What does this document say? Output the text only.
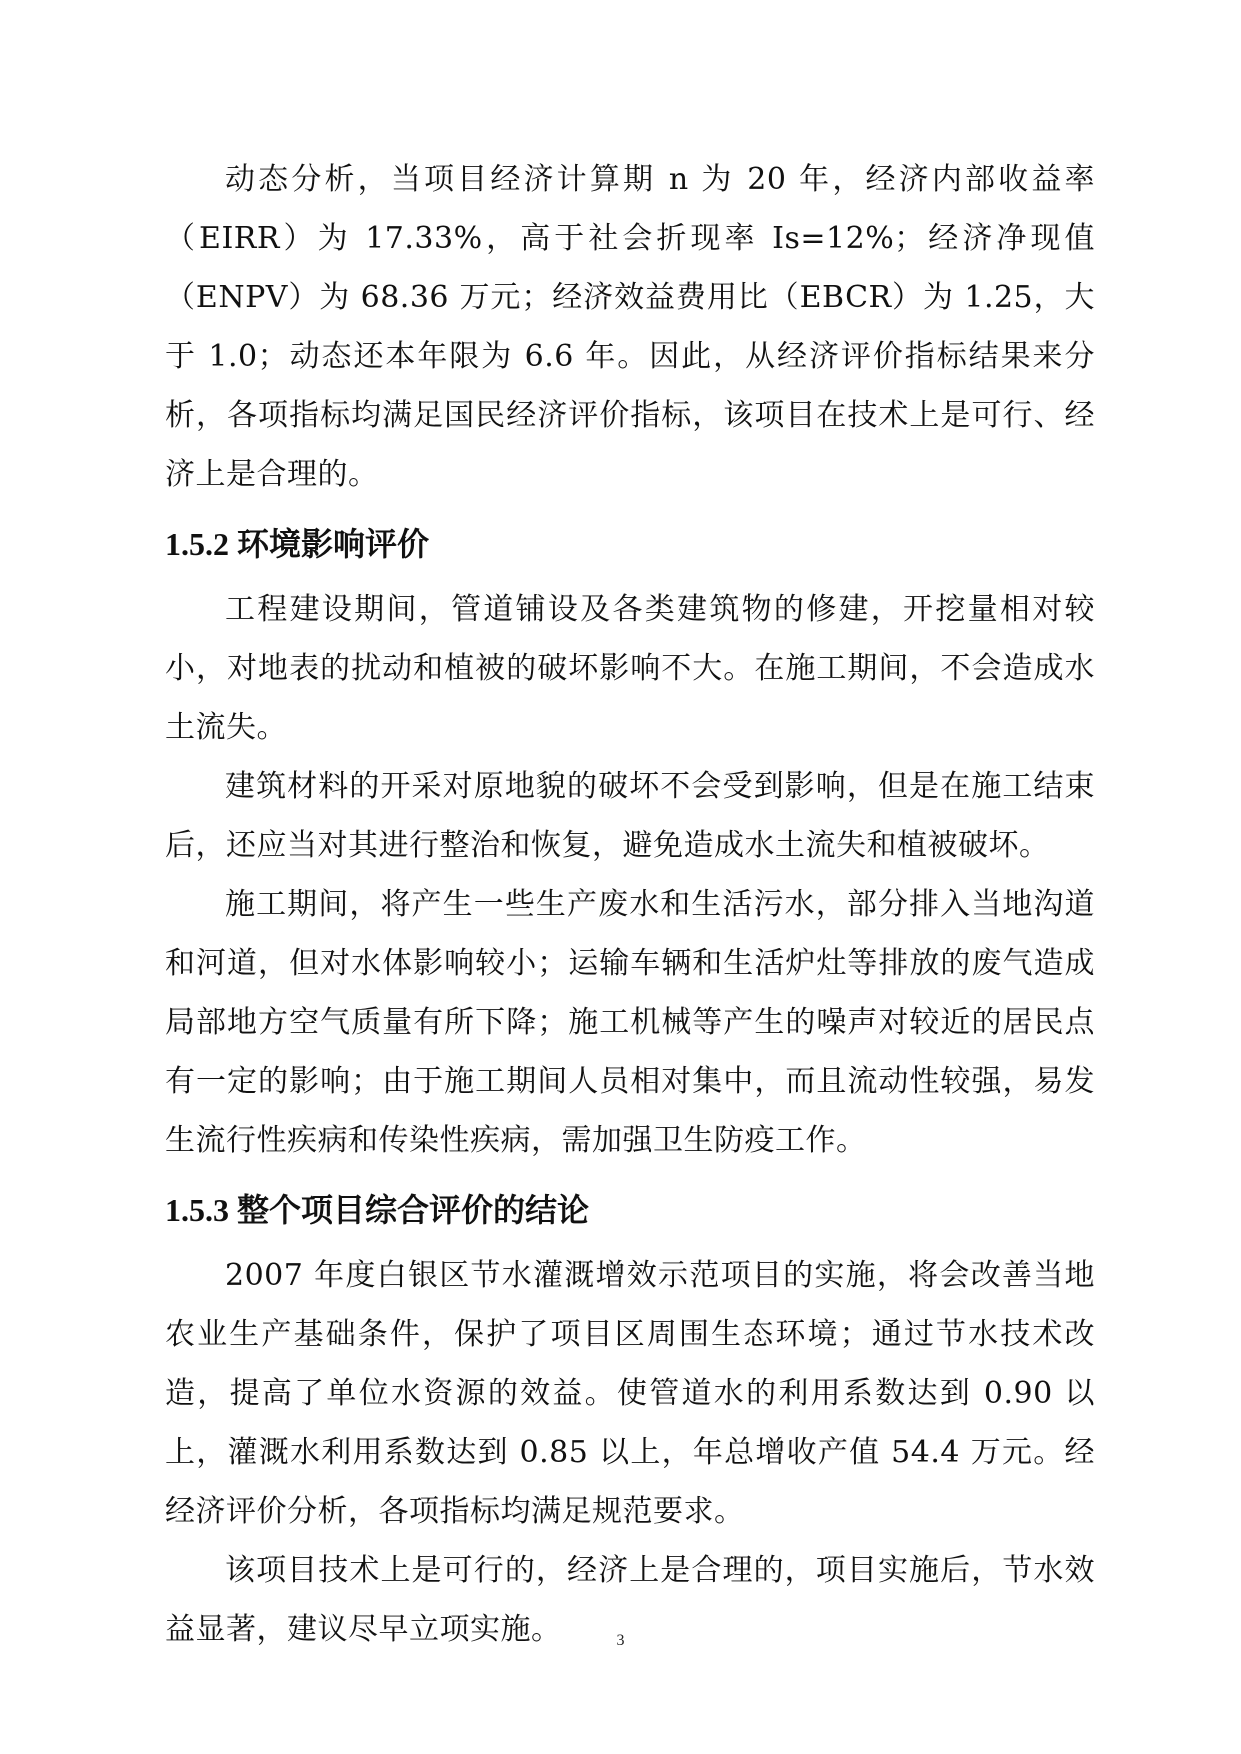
动态分析，当项目经济计算期 n 为 20 年，经济内部收益率（EIRR）为 17.33%，高于社会折现率 Is=12%；经济净现值（ENPV）为 68.36 万元；经济效益费用比（EBCR）为 1.25，大于 1.0；动态还本年限为 6.6 年。因此，从经济评价指标结果来分析，各项指标均满足国民经济评价指标，该项目在技术上是可行、经济上是合理的。

1.5.2 环境影响评价

工程建设期间，管道铺设及各类建筑物的修建，开挖量相对较小，对地表的扰动和植被的破坏影响不大。在施工期间，不会造成水土流失。

建筑材料的开采对原地貌的破坏不会受到影响，但是在施工结束后，还应当对其进行整治和恢复，避免造成水土流失和植被破坏。

施工期间，将产生一些生产废水和生活污水，部分排入当地沟道和河道，但对水体影响较小；运输车辆和生活炉灶等排放的废气造成局部地方空气质量有所下降；施工机械等产生的噪声对较近的居民点有一定的影响；由于施工期间人员相对集中，而且流动性较强，易发生流行性疾病和传染性疾病，需加强卫生防疫工作。

1.5.3 整个项目综合评价的结论

2007 年度白银区节水灌溉增效示范项目的实施，将会改善当地农业生产基础条件，保护了项目区周围生态环境；通过节水技术改造，提高了单位水资源的效益。使管道水的利用系数达到 0.90 以上，灌溉水利用系数达到 0.85 以上，年总增收产值 54.4 万元。经经济评价分析，各项指标均满足规范要求。

该项目技术上是可行的，经济上是合理的，项目实施后，节水效益显著，建议尽早立项实施。	3
